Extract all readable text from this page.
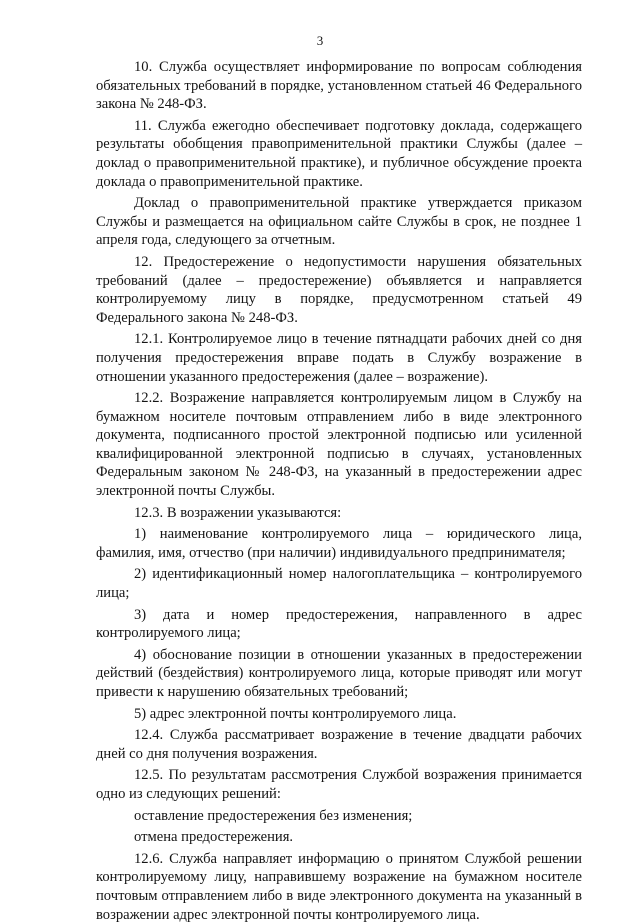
3

10. Служба осуществляет информирование по вопросам соблюдения обязательных требований в порядке, установленном статьей 46 Федерального закона № 248-ФЗ.

11. Служба ежегодно обеспечивает подготовку доклада, содержащего результаты обобщения правоприменительной практики Службы (далее – доклад о правоприменительной практике), и публичное обсуждение проекта доклада о правоприменительной практике.

Доклад о правоприменительной практике утверждается приказом Службы и размещается на официальном сайте Службы в срок, не позднее 1 апреля года, следующего за отчетным.

12. Предостережение о недопустимости нарушения обязательных требований (далее – предостережение) объявляется и направляется контролируемому лицу в порядке, предусмотренном статьей 49 Федерального закона № 248-ФЗ.

12.1. Контролируемое лицо в течение пятнадцати рабочих дней со дня получения предостережения вправе подать в Службу возражение в отношении указанного предостережения (далее – возражение).

12.2. Возражение направляется контролируемым лицом в Службу на бумажном носителе почтовым отправлением либо в виде электронного документа, подписанного простой электронной подписью или усиленной квалифицированной электронной подписью в случаях, установленных Федеральным законом № 248-ФЗ, на указанный в предостережении адрес электронной почты Службы.

12.3. В возражении указываются:

1) наименование контролируемого лица – юридического лица, фамилия, имя, отчество (при наличии) индивидуального предпринимателя;

2) идентификационный номер налогоплательщика – контролируемого лица;

3) дата и номер предостережения, направленного в адрес контролируемого лица;

4) обоснование позиции в отношении указанных в предостережении действий (бездействия) контролируемого лица, которые приводят или могут привести к нарушению обязательных требований;

5) адрес электронной почты контролируемого лица.

12.4. Служба рассматривает возражение в течение двадцати рабочих дней со дня получения возражения.

12.5. По результатам рассмотрения Службой возражения принимается одно из следующих решений:

оставление предостережения без изменения;

отмена предостережения.

12.6. Служба направляет информацию о принятом Службой решении контролируемому лицу, направившему возражение на бумажном носителе почтовым отправлением либо в виде электронного документа на указанный в возражении адрес электронной почты контролируемого лица.
